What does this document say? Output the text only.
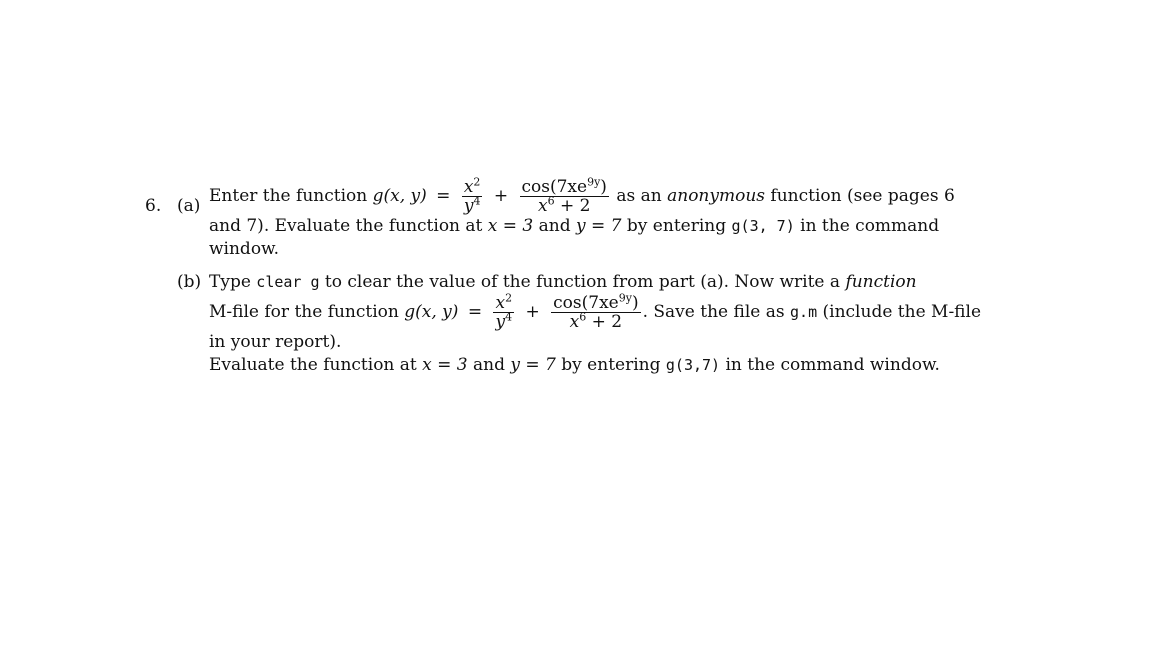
6. (a) Enter the function g(x, $y) = \frac{x^2}{y^4} + \frac{\cos(7xe^{9y})}{x^6 + 2}$ as an anonymous function (see pages 6
and 7). Evaluate the function at x = 3 and y = 7 by entering g(3, 7) in the command
window.
(b) Type clear g to clear the value of the function from part (a). Now write a function
M-file for the function g(x, $y) = \frac{x^2}{y^4} + \frac{\cos(7xe^{9y})}{x^6 + 2}$ . Save the file as g.m (include the M-file
in your report).
Evaluate the function at x = 3 and y = 7 by entering g(3,7) in the command window.
